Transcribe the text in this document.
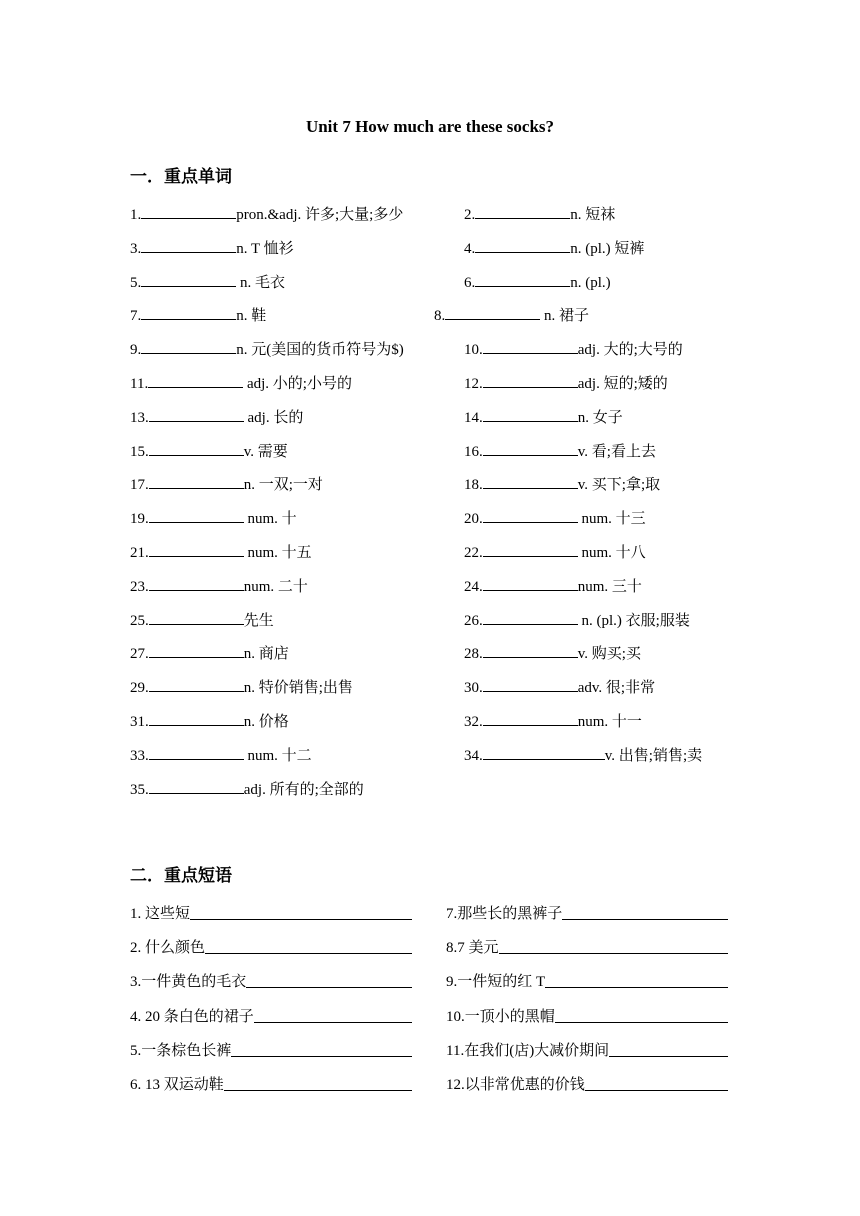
Unit 7 How much are these socks?
一．重点单词
1.	pron.&adj. 许多;大量;多少	2.	n. 短袜
3.	n. T 恤衫	4.	n. (pl.) 短裤
5.	n. 毛衣	6.	n. (pl.)
7.	n. 鞋	8.	n. 裙子
9.	n. 元(美国的货币符号为$)	10.	adj. 大的;大号的
11.	adj. 小的;小号的	12.	adj. 短的;矮的
13.	adj. 长的	14.	n. 女子
15.	v. 需要	16.	v. 看;看上去
17.	n. 一双;一对	18.	v. 买下;拿;取
19.	num. 十	20.	num. 十三
21.	num. 十五	22.	num. 十八
23.	num. 二十	24.	num. 三十
25.	先生	26.	n. (pl.) 衣服;服装
27.	n. 商店	28.	v. 购买;买
29.	n. 特价销售;出售	30.	adv. 很;非常
31.	n. 价格	32.	num. 十一
33.	num. 十二	34.	v. 出售;销售;卖
35.	adj. 所有的;全部的
二．重点短语
1. 这些短	7.那些长的黑裤子
2. 什么颜色	8.7 美元
3.一件黄色的毛衣	9.一件短的红 T
4. 20 条白色的裙子	10.一顶小的黑帽
5.一条棕色长裤	11.在我们(店)大减价期间
6. 13 双运动鞋	12.以非常优惠的价钱
